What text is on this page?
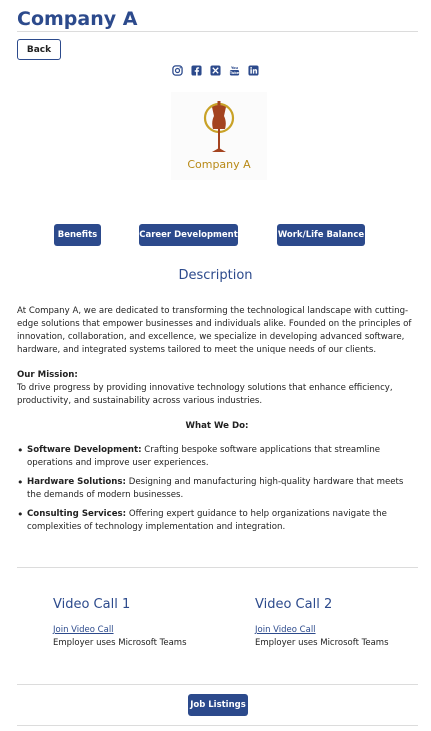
Company A
Back
You
Tube
Company A
Benefits	Career Development	Work/Life Balance
Description
At Company A, we are dedicated to transforming the technological landscape with cutting-edge solutions that empower businesses and individuals alike. Founded on the principles of innovation, collaboration, and excellence, we specialize in developing advanced software, hardware, and integrated systems tailored to meet the unique needs of our clients.
Our Mission:
To drive progress by providing innovative technology solutions that enhance efficiency, productivity, and sustainability across various industries.
What We Do:
• Software Development: Crafting bespoke software applications that streamline operations and improve user experiences.
• Hardware Solutions: Designing and manufacturing high-quality hardware that meets the demands of modern businesses.
• Consulting Services: Offering expert guidance to help organizations navigate the complexities of technology implementation and integration.
Video Call 1
Join Video Call
Employer uses Microsoft Teams
Video Call 2
Join Video Call
Employer uses Microsoft Teams
Job Listings
